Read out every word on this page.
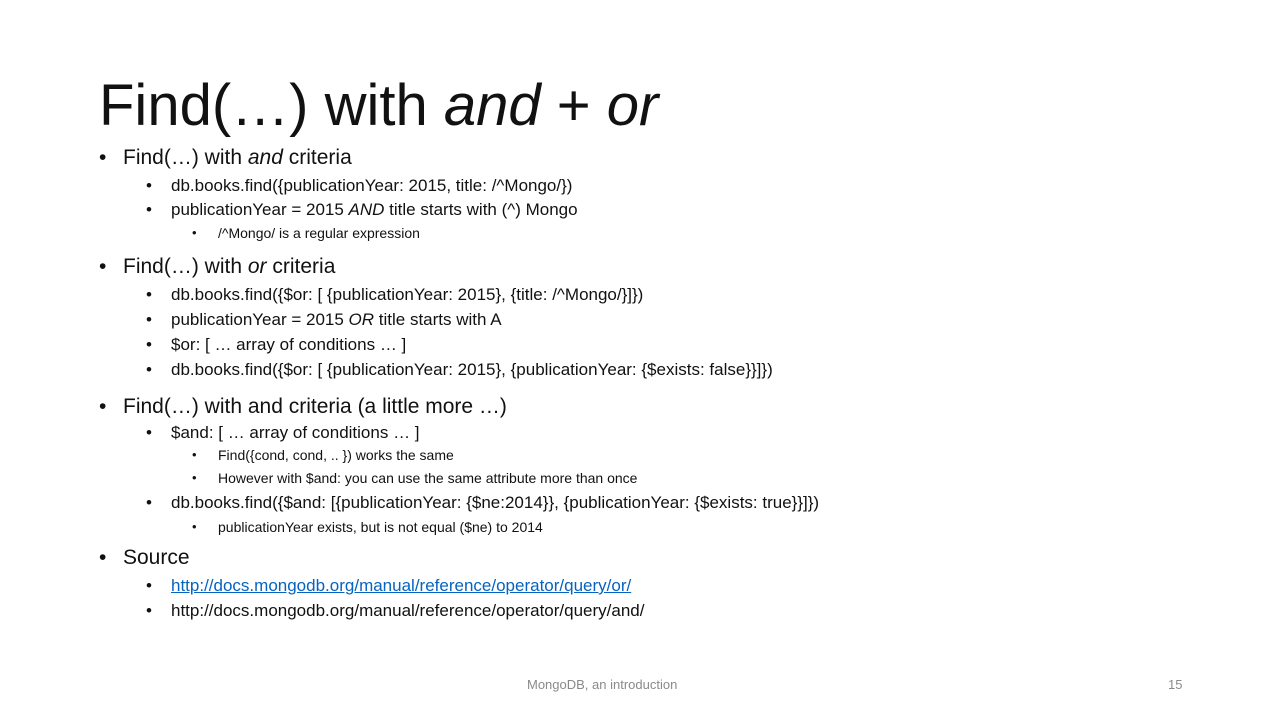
Find(…) with and + or
• Find(…) with and criteria
• db.books.find({publicationYear: 2015, title: /^Mongo/})
• publicationYear = 2015 AND title starts with (^) Mongo
• /^Mongo/ is a regular expression
• Find(…) with or criteria
• db.books.find({$or: [ {publicationYear: 2015}, {title: /^Mongo/}]})
• publicationYear = 2015 OR title starts with A
• $or: [ … array of conditions … ]
• db.books.find({$or: [ {publicationYear: 2015}, {publicationYear: {$exists: false}}]})
• Find(…) with and criteria (a little more …)
• $and: [ … array of conditions … ]
• Find({cond, cond, .. }) works the same
• However with $and: you can use the same attribute more than once
• db.books.find({$and: [{publicationYear: {$ne:2014}}, {publicationYear: {$exists: true}}]})
• publicationYear exists, but is not equal ($ne) to 2014
• Source
• http://docs.mongodb.org/manual/reference/operator/query/or/
• http://docs.mongodb.org/manual/reference/operator/query/and/
MongoDB, an introduction	15
